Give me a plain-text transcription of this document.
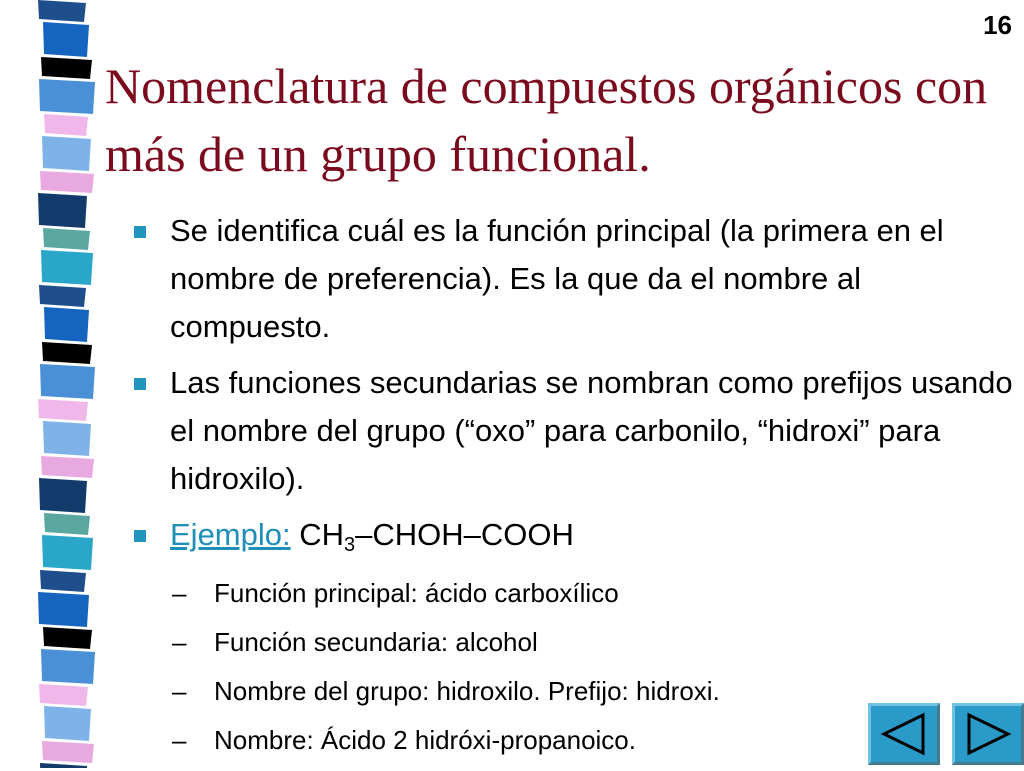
16
Nomenclatura de compuestos orgánicos con más de un grupo funcional.
Se identifica cuál es la función principal (la primera en el nombre de preferencia). Es la que da el nombre al compuesto.
Las funciones secundarias se nombran como prefijos usando el nombre del grupo (“oxo” para carbonilo, “hidroxi” para hidroxilo).
Ejemplo: $CH_3-CHOH$–COOH
– Función principal: ácido carboxílico
– Función secundaria: alcohol
– Nombre del grupo: hidroxilo. Prefijo: hidroxi.
– Nombre: Ácido 2 hidróxi-propanoico.
